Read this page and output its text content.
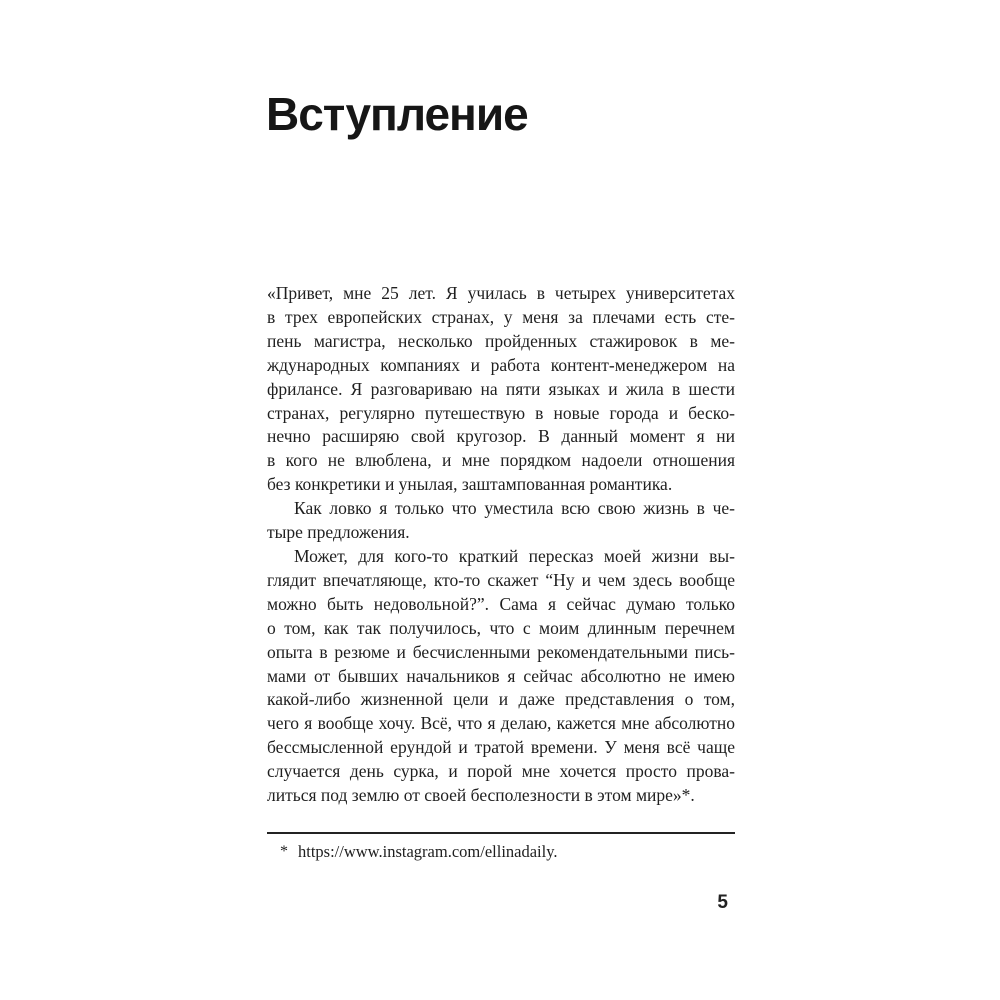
Вступление
«Привет, мне 25 лет. Я училась в четырех университетах
в трех европейских странах, у меня за плечами есть сте-
пень магистра, несколько пройденных стажировок в ме-
ждународных компаниях и работа контент-менеджером на
фрилансе. Я разговариваю на пяти языках и жила в шести
странах, регулярно путешествую в новые города и беско-
нечно расширяю свой кругозор. В данный момент я ни
в кого не влюблена, и мне порядком надоели отношения
без конкретики и унылая, заштампованная романтика.
Как ловко я только что уместила всю свою жизнь в че-
тыре предложения.
Может, для кого-то краткий пересказ моей жизни вы-
глядит впечатляюще, кто-то скажет “Ну и чем здесь вообще
можно быть недовольной?”. Сама я сейчас думаю только
о том, как так получилось, что с моим длинным перечнем
опыта в резюме и бесчисленными рекомендательными пись-
мами от бывших начальников я сейчас абсолютно не имею
какой-либо жизненной цели и даже представления о том,
чего я вообще хочу. Всё, что я делаю, кажется мне абсолютно
бессмысленной ерундой и тратой времени. У меня всё чаще
случается день сурка, и порой мне хочется просто прова-
литься под землю от своей бесполезности в этом мире»*.
* https://www.instagram.com/ellinadaily.
5
